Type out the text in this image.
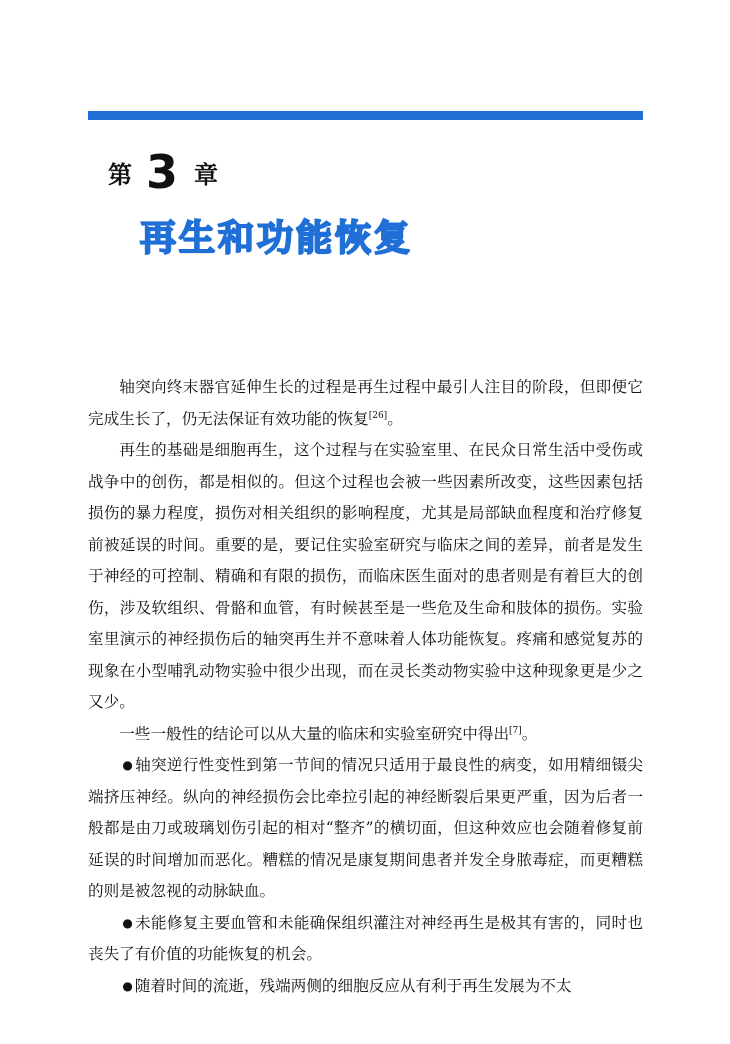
第 3 章
再生和功能恢复

轴突向终末器官延伸生长的过程是再生过程中最引人注目的阶段，但即便它完成生长了，仍无法保证有效功能的恢复[26]。

再生的基础是细胞再生，这个过程与在实验室里、在民众日常生活中受伤或战争中的创伤，都是相似的。但这个过程也会被一些因素所改变，这些因素包括损伤的暴力程度，损伤对相关组织的影响程度，尤其是局部缺血程度和治疗修复前被延误的时间。重要的是，要记住实验室研究与临床之间的差异，前者是发生于神经的可控制、精确和有限的损伤，而临床医生面对的患者则是有着巨大的创伤，涉及软组织、骨骼和血管，有时候甚至是一些危及生命和肢体的损伤。实验室里演示的神经损伤后的轴突再生并不意味着人体功能恢复。疼痛和感觉复苏的现象在小型哺乳动物实验中很少出现，而在灵长类动物实验中这种现象更是少之又少。

一些一般性的结论可以从大量的临床和实验室研究中得出[7]。

● 轴突逆行性变性到第一节间的情况只适用于最良性的病变，如用精细镊尖端挤压神经。纵向的神经损伤会比牵拉引起的神经断裂后果更严重，因为后者一般都是由刀或玻璃划伤引起的相对“整齐”的横切面，但这种效应也会随着修复前延误的时间增加而恶化。糟糕的情况是康复期间患者并发全身脓毒症，而更糟糕的则是被忽视的动脉缺血。

● 未能修复主要血管和未能确保组织灌注对神经再生是极其有害的，同时也丧失了有价值的功能恢复的机会。

● 随着时间的流逝，残端两侧的细胞反应从有利于再生发展为不太
